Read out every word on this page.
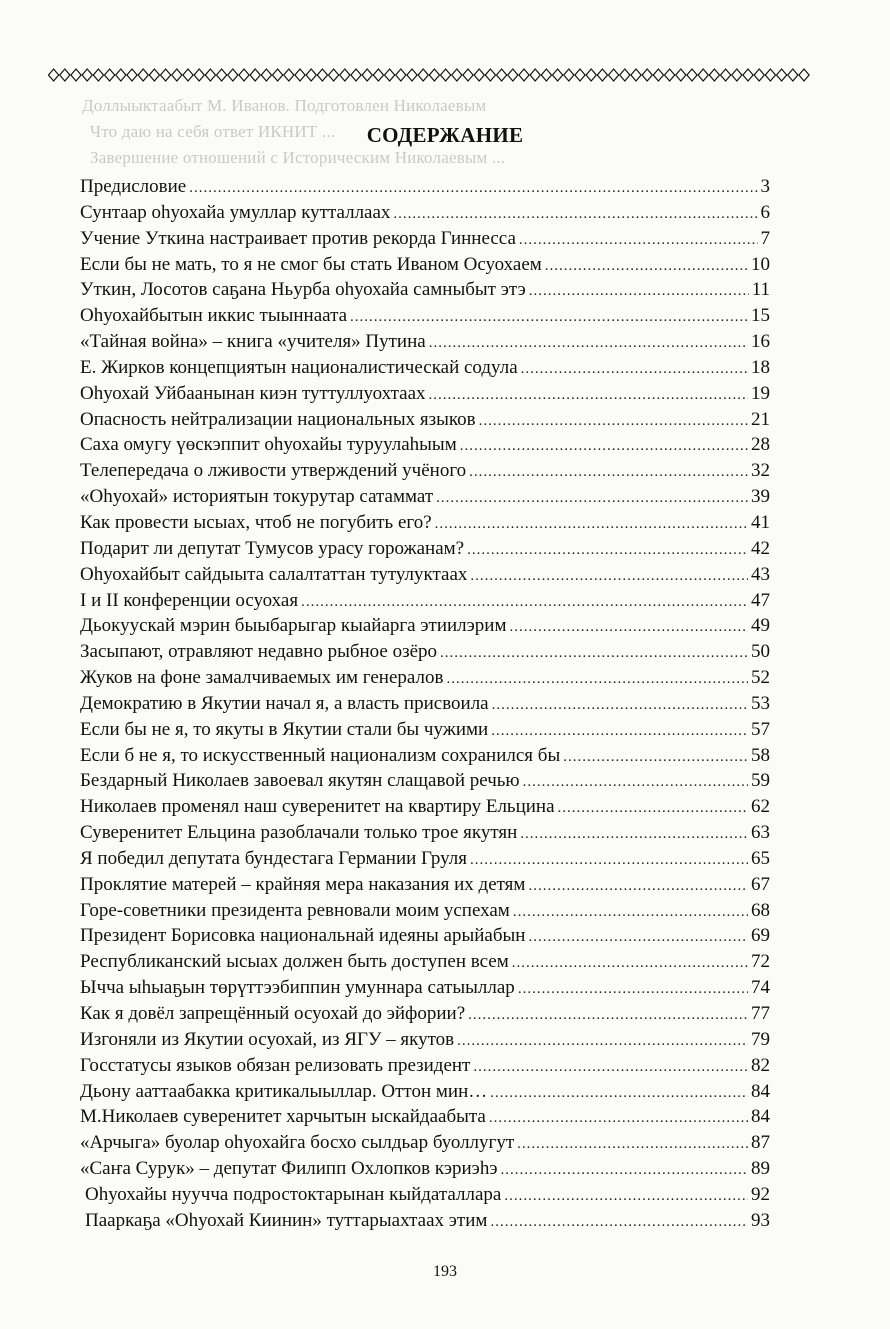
Доллыыктаабыт М. Иванов. Подготовлен Николаевым
Что даю на себя ответ ИКНИТ ...
Завершение отношений с Историческим Николаевым ...
СОДЕРЖАНИЕ
Предисловие .....	3
Сунтаар оһуохайа умуллар кутталлаах .....	6
Учение Уткина настраивает против рекорда Гиннесса .....	7
Если бы не мать, то я не смог бы стать Иваном Осуохаем .....	10
Уткин, Лосотов саҕана Ньурба оһуохайа самныбыт этэ .....	11
Оһуохайбытын иккис тыыннаата .....	15
«Тайная война» – книга «учителя» Путина .....	16
Е. Жирков концепциятын националистическай содула .....	18
Оһуохай Уйбаанынан киэн туттуллуохтаах .....	19
Опасность нейтрализации национальных языков .....	21
Саха омугу үөскэппит оһуохайы туруулаһыым .....	28
Телепередача о лживости утверждений учёного .....	32
«Оһуохай» историятын токурутар сатаммат .....	39
Как провести ысыах, чтоб не погубить его? .....	41
Подарит ли депутат Тумусов урасу горожанам? .....	42
Оһуохайбыт сайдыыта салалтаттан тутулуктаах .....	43
I и II конференции осуохая .....	47
Дьокуускай мэрин быыбарыгар кыайарга этиилэрим .....	49
Засыпают, отравляют недавно рыбное озёро .....	50
Жуков на фоне замалчиваемых им генералов .....	52
Демократию в Якутии начал я, а власть присвоила .....	53
Если бы не я, то якуты в Якутии стали бы чужими .....	57
Если б не я, то искусственный национализм сохранился бы .....	58
Бездарный Николаев завоевал якутян слащавой речью .....	59
Николаев променял наш суверенитет на квартиру Ельцина .....	62
Суверенитет Ельцина разоблачали только трое якутян .....	63
Я победил депутата бундестага Германии Груля .....	65
Проклятие матерей – крайняя мера наказания их детям .....	67
Горе-советники президента ревновали моим успехам .....	68
Президент Борисовка национальнай идеяны арыйабын .....	69
Республиканский ысыах должен быть доступен всем .....	72
Ычча ыһыаҕын төрүттээбиппин умуннара сатыыллар .....	74
Как я довёл запрещённый осуохай до эйфории? .....	77
Изгоняли из Якутии осуохай, из ЯГУ – якутов .....	79
Госстатусы языков обязан релизовать президент .....	82
Дьону ааттаабакка критикалыыллар. Оттон мин… .....	84
М.Николаев суверенитет харчытын ыскайдаабыта .....	84
«Арчыга» буолар оһуохайга босхо сылдьар буоллугут .....	87
«Саҥа Сурук» – депутат Филипп Охлопков кэриэһэ .....	89
Оһуохайы нуучча подростоктарынан кыйдаталлара .....	92
Пааркаҕа «Оһуохай Киинин» туттарыахтаах этим .....	93
193
